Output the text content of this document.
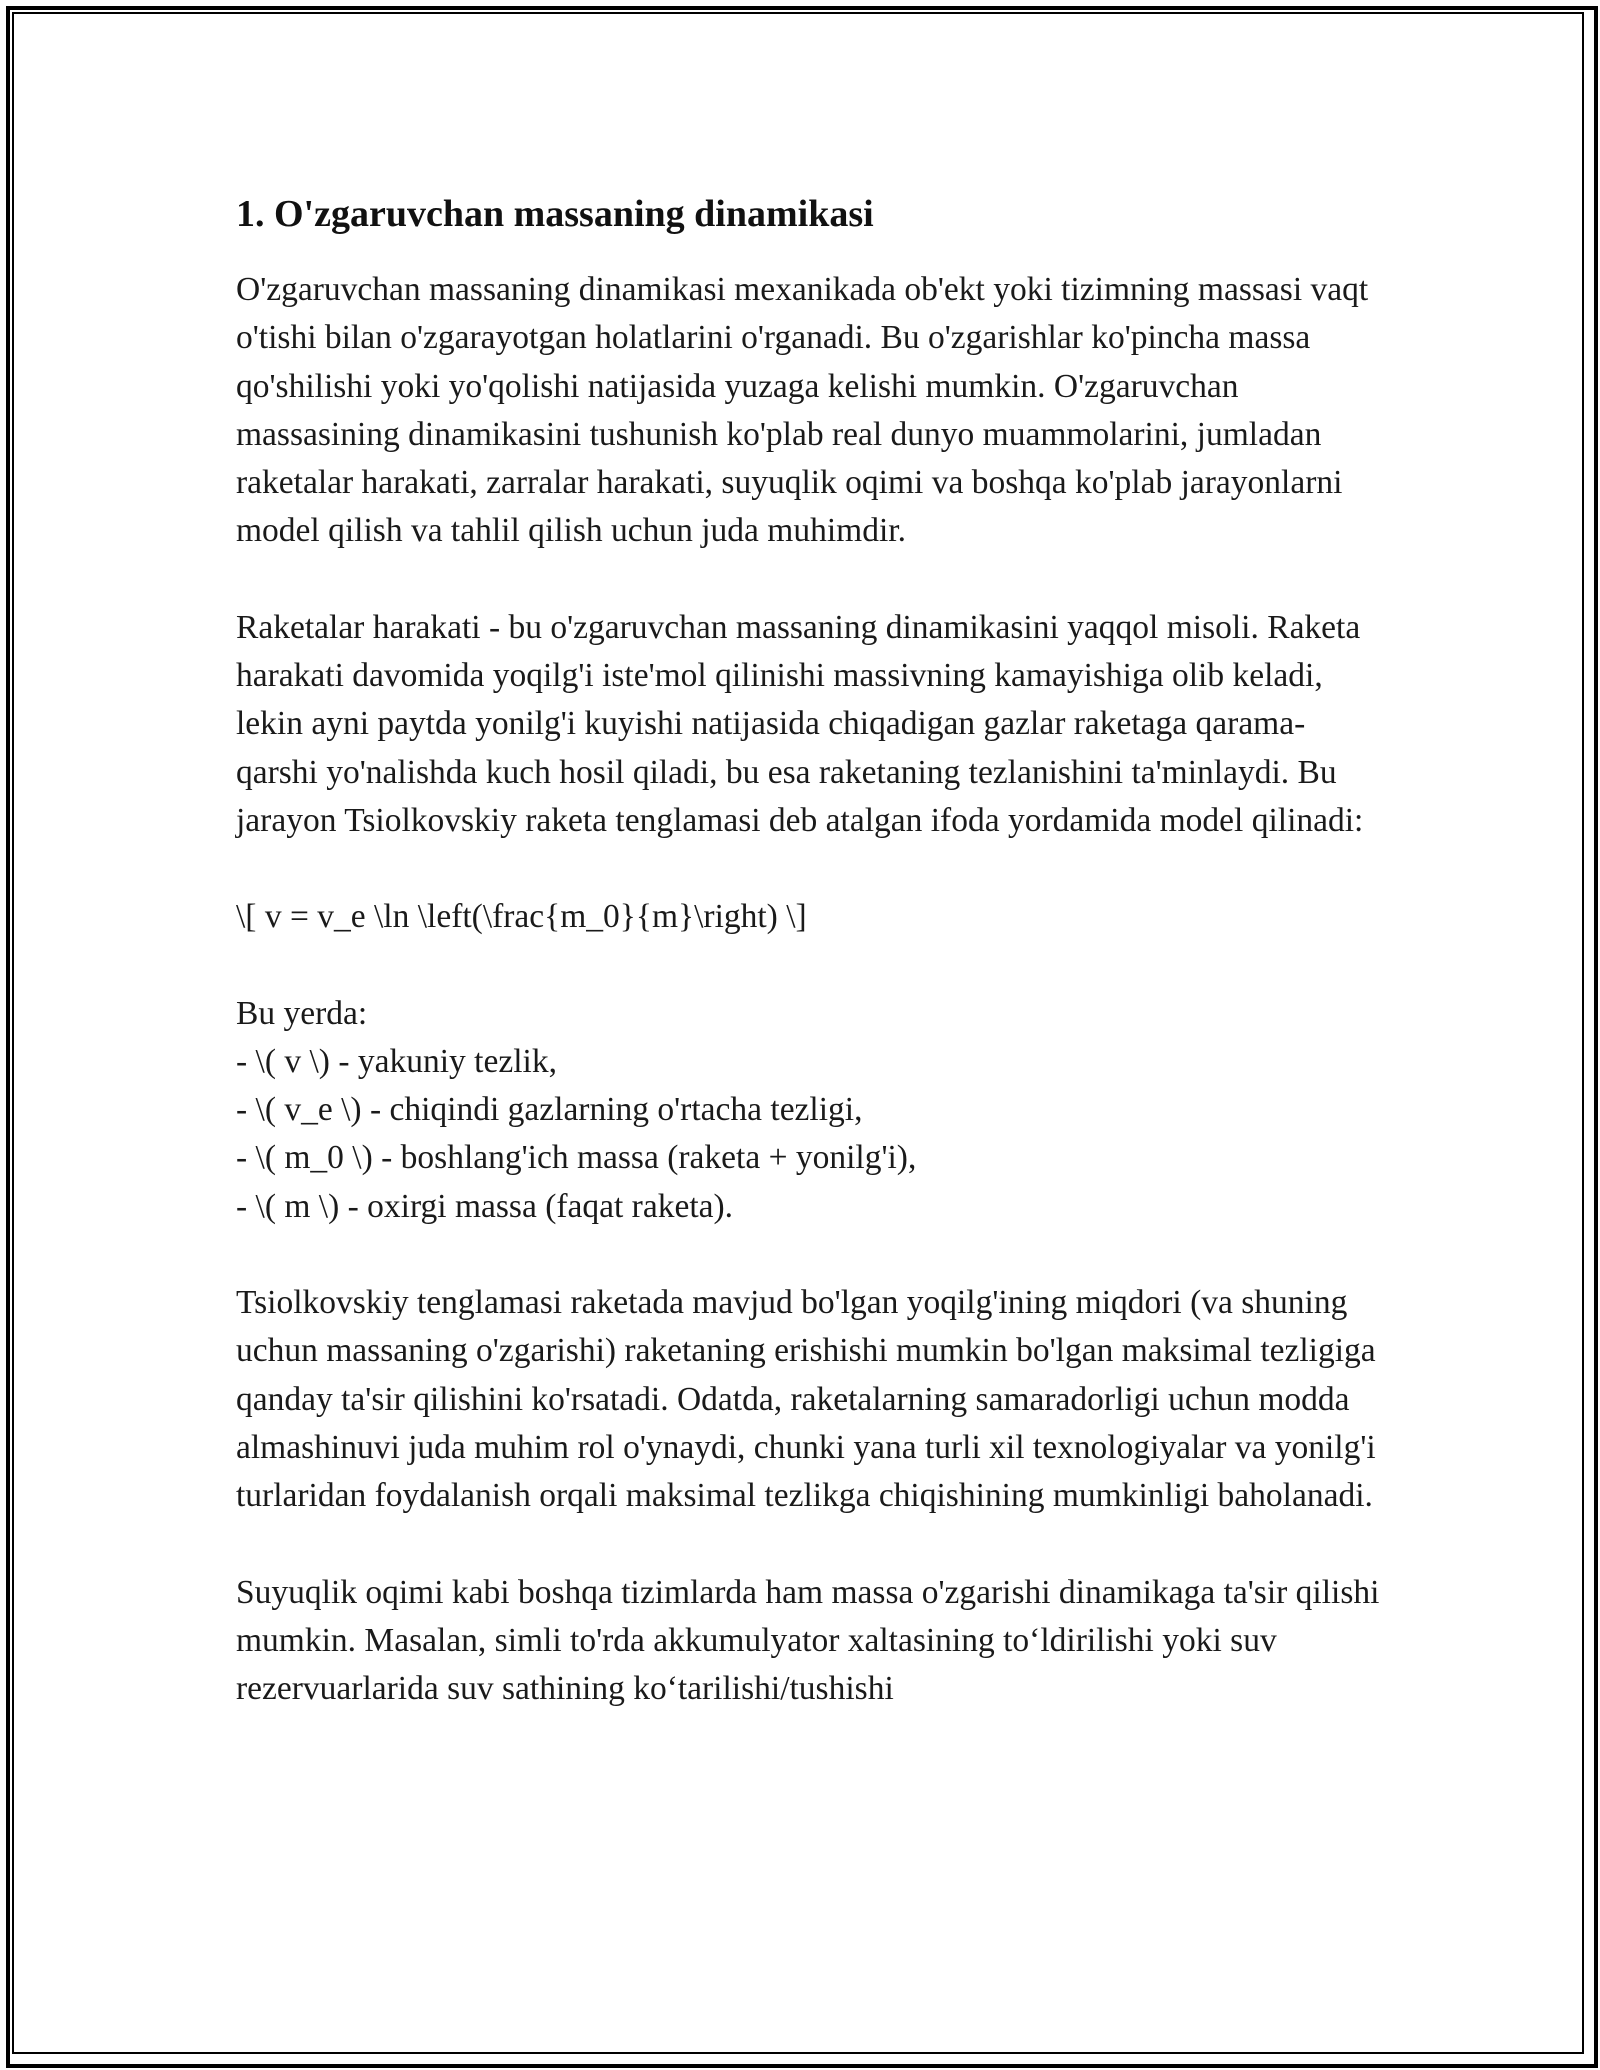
1. O'zgaruvchan massaning dinamikasi

O'zgaruvchan massaning dinamikasi mexanikada ob'ekt yoki tizimning massasi vaqt o'tishi bilan o'zgarayotgan holatlarini o'rganadi. Bu o'zgarishlar ko'pincha massa qo'shilishi yoki yo'qolishi natijasida yuzaga kelishi mumkin. O'zgaruvchan massasining dinamikasini tushunish ko'plab real dunyo muammolarini, jumladan raketalar harakati, zarralar harakati, suyuqlik oqimi va boshqa ko'plab jarayonlarni model qilish va tahlil qilish uchun juda muhimdir.

Raketalar harakati - bu o'zgaruvchan massaning dinamikasini yaqqol misoli. Raketa harakati davomida yoqilg'i iste'mol qilinishi massivning kamayishiga olib keladi, lekin ayni paytda yonilg'i kuyishi natijasida chiqadigan gazlar raketaga qarama-qarshi yo'nalishda kuch hosil qiladi, bu esa raketaning tezlanishini ta'minlaydi. Bu jarayon Tsiolkovskiy raketa tenglamasi deb atalgan ifoda yordamida model qilinadi:

\[ v = v_e \ln \left(\frac{m_0}{m}\right) \]

Bu yerda:
- \( v \) - yakuniy tezlik,
- \( v_e \) - chiqindi gazlarning o'rtacha tezligi,
- \( m_0 \) - boshlang'ich massa (raketa + yonilg'i),
- \( m \) - oxirgi massa (faqat raketa).

Tsiolkovskiy tenglamasi raketada mavjud bo'lgan yoqilg'ining miqdori (va shuning uchun massaning o'zgarishi) raketaning erishishi mumkin bo'lgan maksimal tezligiga qanday ta'sir qilishini ko'rsatadi. Odatda, raketalarning samaradorligi uchun modda almashinuvi juda muhim rol o'ynaydi, chunki yana turli xil texnologiyalar va yonilg'i turlaridan foydalanish orqali maksimal tezlikga chiqishining mumkinligi baholanadi.

Suyuqlik oqimi kabi boshqa tizimlarda ham massa o'zgarishi dinamikaga ta'sir qilishi mumkin. Masalan, simli to'rda akkumulyator xaltasining to‘ldirilishi yoki suv rezervuarlarida suv sathining ko‘tarilishi/tushishi
